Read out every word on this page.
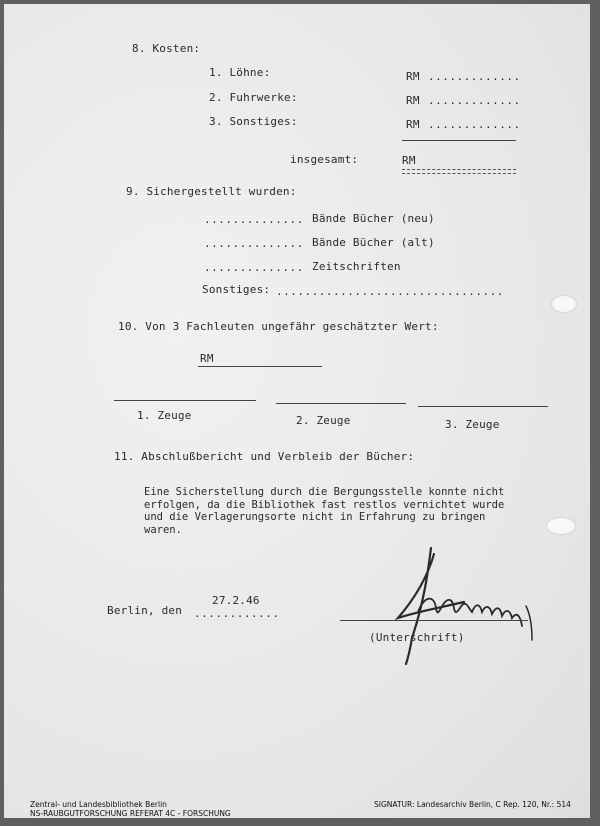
8. Kosten:
1. Löhne:	RM .............
2. Fuhrwerke:	RM .............
3. Sonstiges:	RM .............
insgesamt:	RM
9. Sichergestellt wurden:
.............. Bände Bücher (neu)
.............. Bände Bücher (alt)
.............. Zeitschriften
Sonstiges: ................................
10. Von 3 Fachleuten ungefähr geschätzter Wert:
RM
1. Zeuge	2. Zeuge	3. Zeuge
11. Abschlußbericht und Verbleib der Bücher:
Eine Sicherstellung durch die Bergungsstelle konnte nicht
erfolgen, da die Bibliothek fast restlos vernichtet wurde
und die Verlagerungsorte nicht in Erfahrung zu bringen
waren.
27.2.46
Berlin, den ............
(Unterschrift)
Zentral- und Landesbibliothek Berlin
NS-RAUBGUTFORSCHUNG REFERAT 4C - FORSCHUNG
SIGNATUR: Landesarchiv Berlin, C Rep. 120, Nr.: 514
